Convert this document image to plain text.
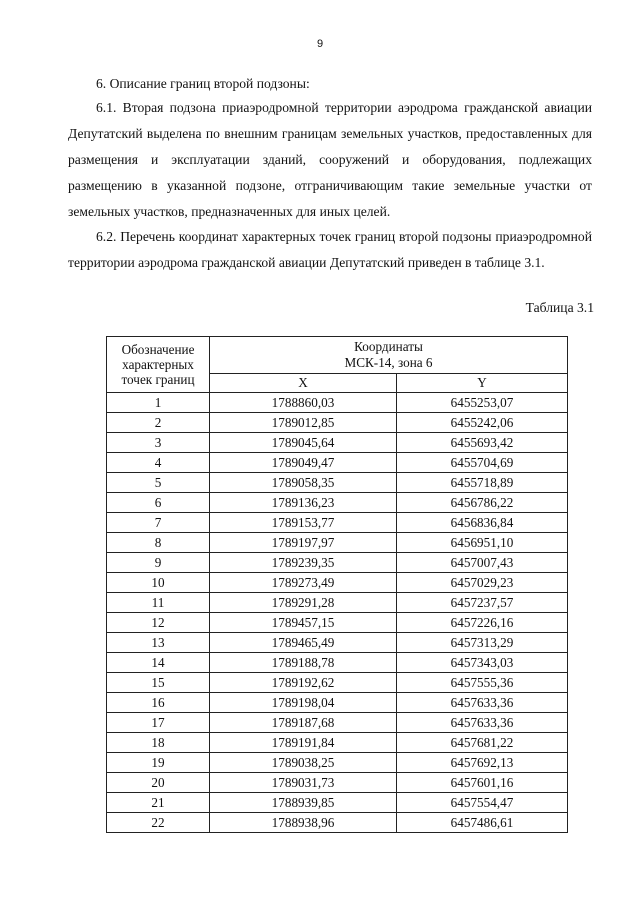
9

6. Описание границ второй подзоны:

6.1. Вторая подзона приаэродромной территории аэродрома гражданской авиации Депутатский выделена по внешним границам земельных участков, предоставленных для размещения и эксплуатации зданий, сооружений и оборудования, подлежащих размещению в указанной подзоне, отграничивающим такие земельные участки от земельных участков, предназначенных для иных целей.

6.2. Перечень координат характерных точек границ второй подзоны приаэродромной территории аэродрома гражданской авиации Депутатский приведен в таблице 3.1.

Таблица 3.1
Обозначение характерных точек границ	Координаты
МСК-14, зона 6	

	X	Y
1	1788860,03	6455253,07
2	1789012,85	6455242,06
3	1789045,64	6455693,42
4	1789049,47	6455704,69
5	1789058,35	6455718,89
6	1789136,23	6456786,22
7	1789153,77	6456836,84
8	1789197,97	6456951,10
9	1789239,35	6457007,43
10	1789273,49	6457029,23
11	1789291,28	6457237,57
12	1789457,15	6457226,16
13	1789465,49	6457313,29
14	1789188,78	6457343,03
15	1789192,62	6457555,36
16	1789198,04	6457633,36
17	1789187,68	6457633,36
18	1789191,84	6457681,22
19	1789038,25	6457692,13
20	1789031,73	6457601,16
21	1788939,85	6457554,47
22	1788938,96	6457486,61
